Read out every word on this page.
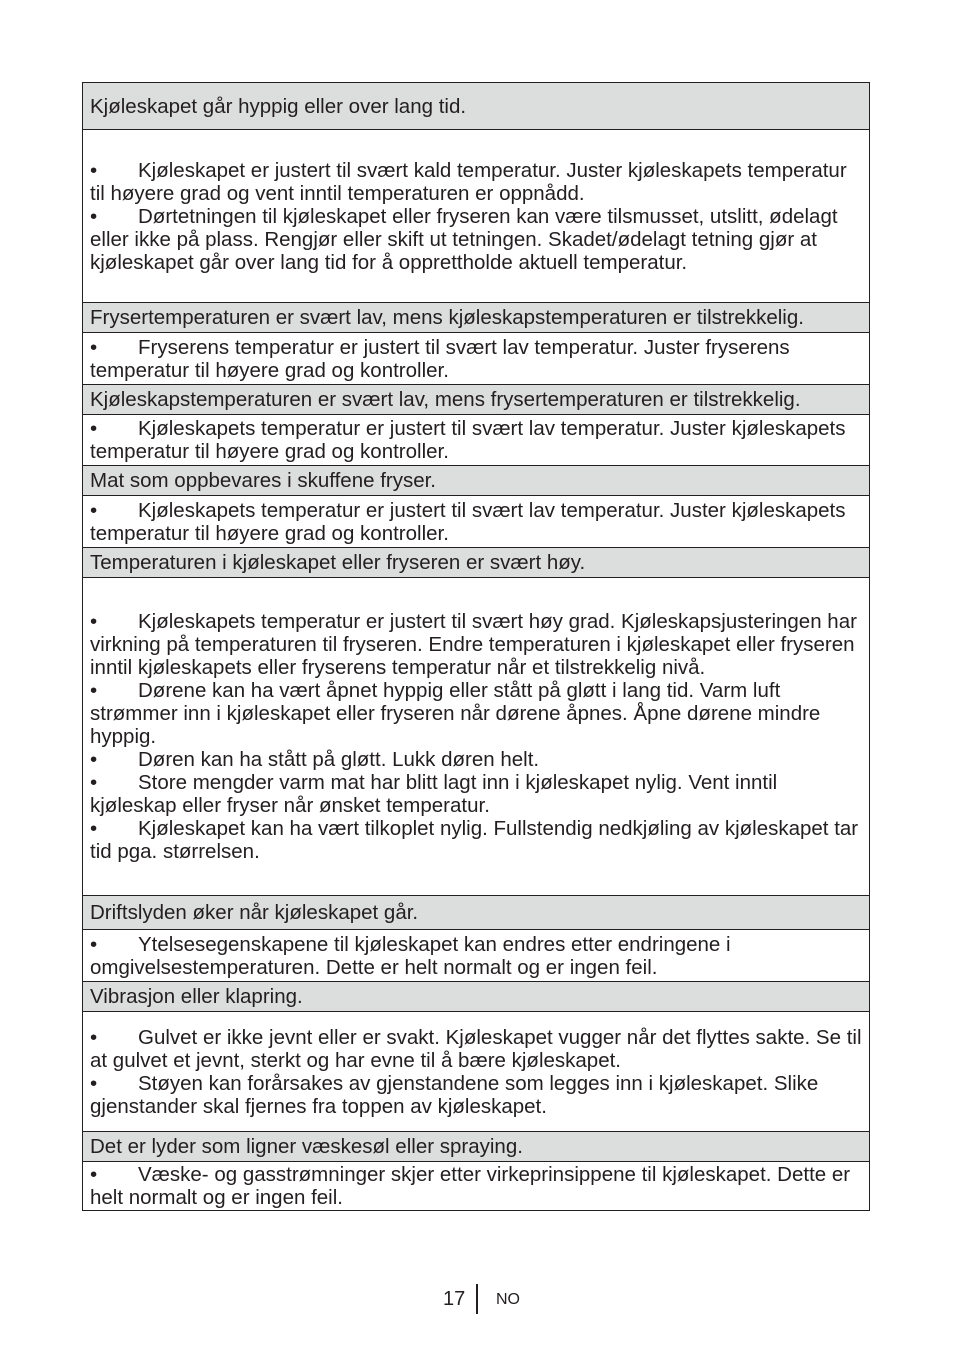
Kjøleskapet går hyppig eller over lang tid.
• Kjøleskapet er justert til svært kald temperatur. Juster kjøleskapets temperatur til høyere grad og vent inntil temperaturen er oppnådd.
• Dørtetningen til kjøleskapet eller fryseren kan være tilsmusset, utslitt, ødelagt eller ikke på plass. Rengjør eller skift ut tetningen. Skadet/ødelagt tetning gjør at kjøleskapet går over lang tid for å opprettholde aktuell temperatur.
Frysertemperaturen er svært lav, mens kjøleskapstemperaturen er tilstrekkelig.
• Fryserens temperatur er justert til svært lav temperatur. Juster fryserens temperatur til høyere grad og kontroller.
Kjøleskapstemperaturen er svært lav, mens frysertemperaturen er tilstrekkelig.
• Kjøleskapets temperatur er justert til svært lav temperatur. Juster kjøleskapets temperatur til høyere grad og kontroller.
Mat som oppbevares i skuffene fryser.
• Kjøleskapets temperatur er justert til svært lav temperatur. Juster kjøleskapets temperatur til høyere grad og kontroller.
Temperaturen i kjøleskapet eller fryseren er svært høy.
• Kjøleskapets temperatur er justert til svært høy grad. Kjøleskapsjusteringen har virkning på temperaturen til fryseren. Endre temperaturen i kjøleskapet eller fryseren inntil kjøleskapets eller fryserens temperatur når et tilstrekkelig nivå.
• Dørene kan ha vært åpnet hyppig eller stått på gløtt i lang tid. Varm luft strømmer inn i kjøleskapet eller fryseren når dørene åpnes. Åpne dørene mindre hyppig.
• Døren kan ha stått på gløtt. Lukk døren helt.
• Store mengder varm mat har blitt lagt inn i kjøleskapet nylig. Vent inntil kjøleskap eller fryser når ønsket temperatur.
• Kjøleskapet kan ha vært tilkoplet nylig. Fullstendig nedkjøling av kjøleskapet tar tid pga. størrelsen.
Driftslyden øker når kjøleskapet går.
• Ytelsesegenskapene til kjøleskapet kan endres etter endringene i omgivelsestemperaturen. Dette er helt normalt og er ingen feil.
Vibrasjon eller klapring.
• Gulvet er ikke jevnt eller er svakt. Kjøleskapet vugger når det flyttes sakte. Se til at gulvet et jevnt, sterkt og har evne til å bære kjøleskapet.
• Støyen kan forårsakes av gjenstandene som legges inn i kjøleskapet. Slike gjenstander skal fjernes fra toppen av kjøleskapet.
Det er lyder som ligner væskesøl eller spraying.
• Væske- og gasstrømninger skjer etter virkeprinsippene til kjøleskapet. Dette er helt normalt og er ingen feil.
17 NO
